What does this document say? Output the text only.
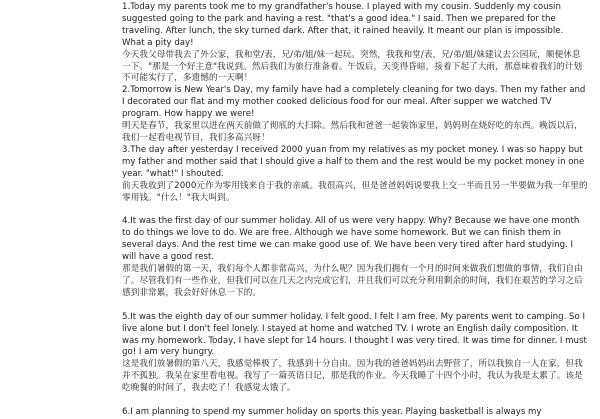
1.Today my parents took me to my grandfather's house. I played with my cousin. Suddenly my cousin suggested going to the park and having a rest. "that's a good idea." I said. Then we prepared for the traveling. After lunch, the sky turned dark. After that, it rained heavily. It meant our plan is impossible. What a pity day!

今天我父母带我去了外公家，我和堂/表，兄/弟/姐/妹一起玩。突然，我我和堂/表，兄/弟/姐/妹建议去公园玩，顺便休息一下。"那是一个好主意"我说到。然后我们为旅行准备着。午饭后，天变得昏暗，接着下起了大雨，那意味着我们的计划不可能实行了，多遗憾的一天啊！

2.Tomorrow is New Year's Day, my family have had a completely cleaning for two days. Then my father and I decorated our flat and my mother cooked delicious food for our meal. After supper we watched TV program. How happy we were!

明天是春节，我家里以进在两天前做了彻底的大扫除。然后我和爸爸一起装饰家里，妈妈则在烧好吃的东西。晚饭以后，我们一起看电视节目，我们多高兴呀！

3.The day after yesterday I received 2000 yuan from my relatives as my pocket money. I was so happy but my father and mother said that I should give a half to them and the rest would be my pocket money in one year. "what!" I shouted.

前天我收到了2000元作为零用钱来自于我的亲戚。我很高兴，但是爸爸妈妈说要我上交一半而且另一半要做为我一年里的零用钱。"什么！"我大叫到。

4.It was the first day of our summer holiday. All of us were very happy. Why? Because we have one month to do things we love to do. We are free. Although we have some homework. But we can finish them in several days. And the rest time we can make good use of. We have been very tired after hard studying. I will have a good rest.

那是我们暑假的第一天，我们每个人都非常高兴，为什么呢？因为我们拥有一个月的时间来做我们想做的事情，我们自由了。尽管我们有一些作业，但我们可以在几天之内完成它们，并且我们可以充分利用剩余的时间，我们在艰苦的学习之后感到非常累，我会好好休息一下的。

5.It was the eighth day of our summer holiday. I felt good. I felt I am free. My parents went to camping. So I live alone but I don't feel lonely. I stayed at home and watched TV. I wrote an English daily composition. It was my homework. Today, I have slept for 14 hours. I thought I was very tired. It was time for dinner. I must go! I am very hungry.

这是我们放暑假的第八天，我感觉棒极了，我感到十分自由。因为我的爸爸妈妈出去野营了，所以我独自一人在家，但我并不孤独。我呆在家里看电视。我写了一篇英语日记，那是我的作业。今天我睡了十四个小时，我认为我是太累了。该是吃晚餐的时间了，我去吃了！我感觉太饿了。

6.I am planning to spend my summer holiday on sports this year. Playing basketball is always my
